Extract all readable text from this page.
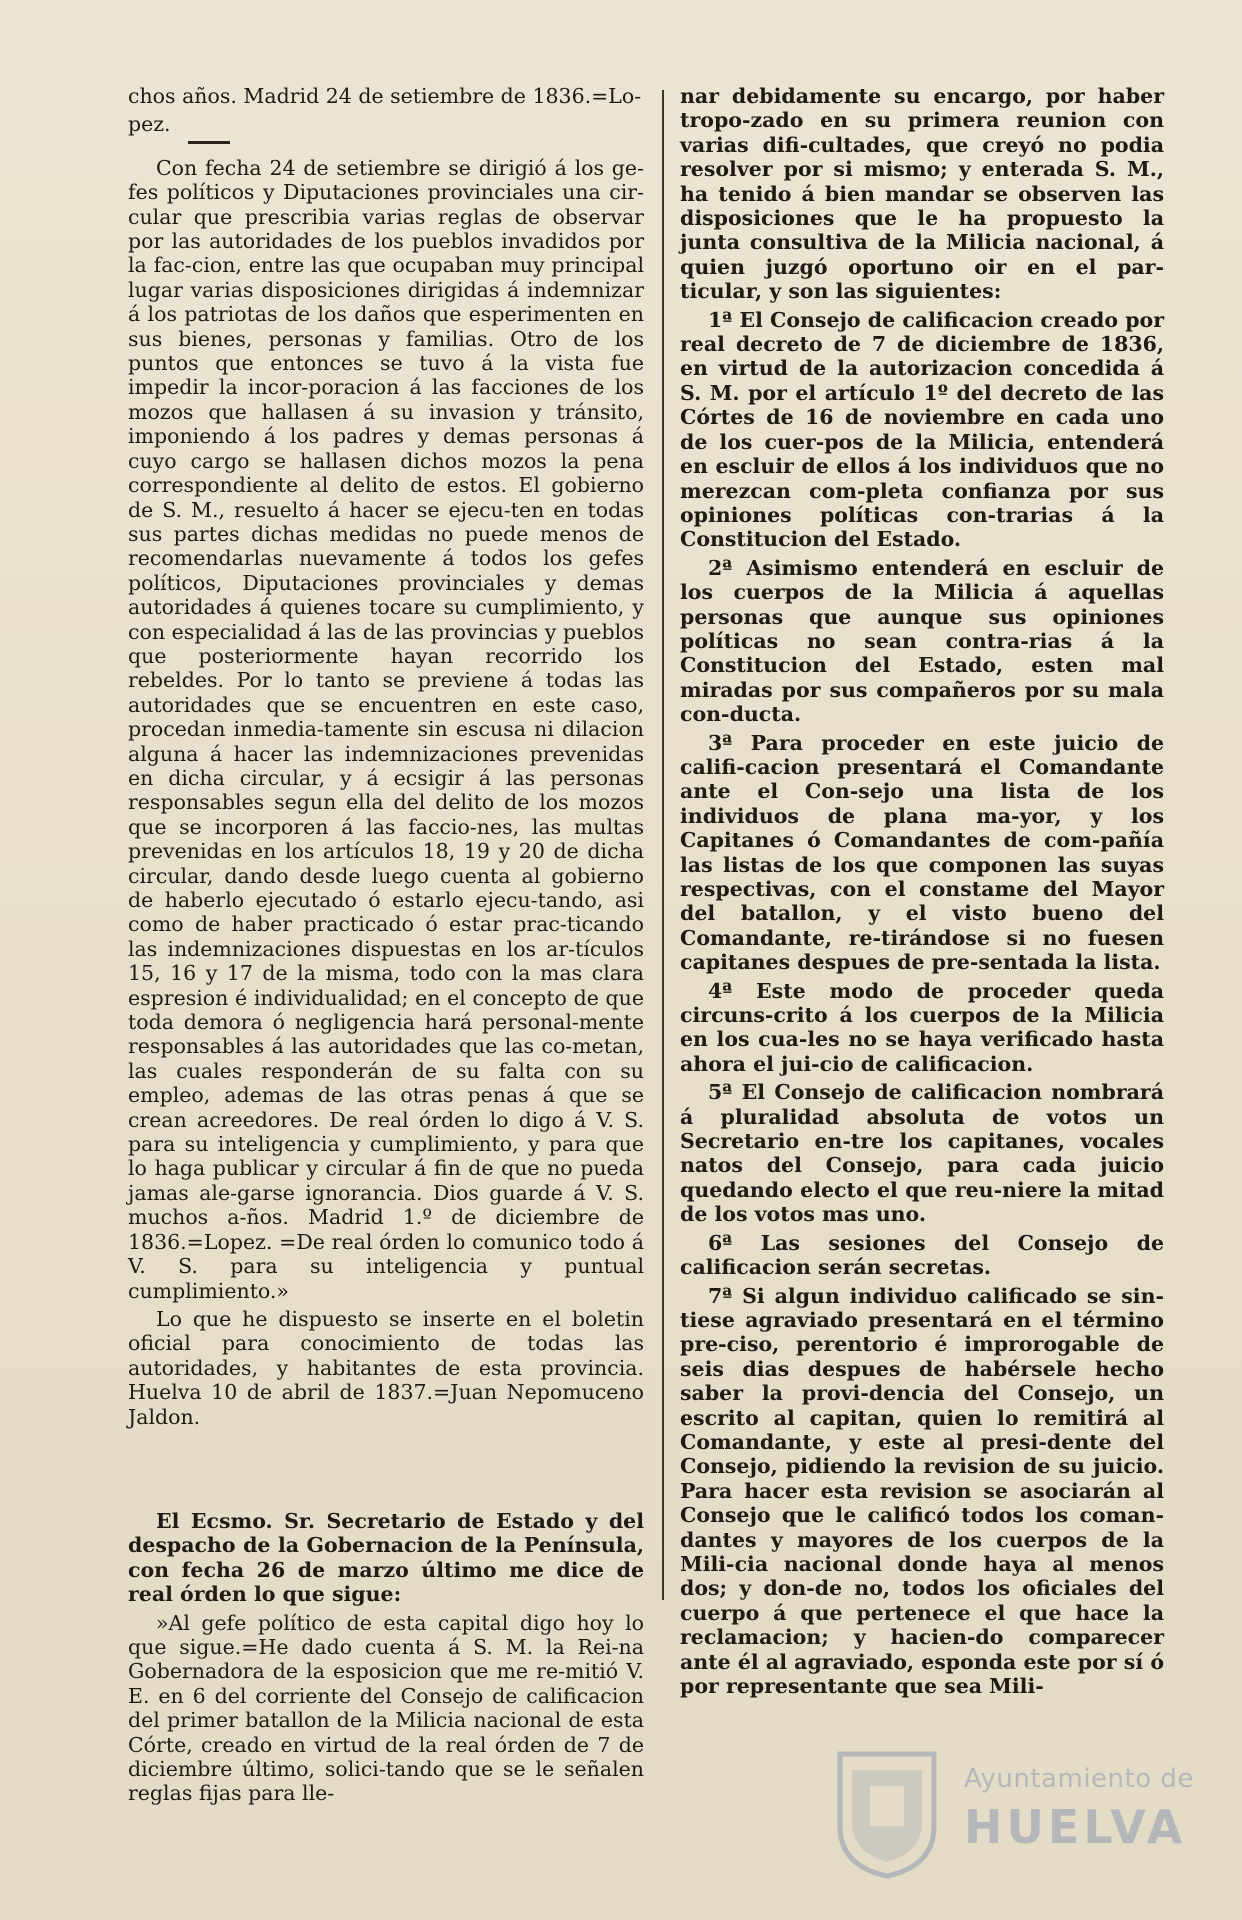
chos años. Madrid 24 de setiembre de 1836.=Lo-

pez.

Con fecha 24 de setiembre se dirigió á los ge-fes políticos y Diputaciones provinciales una cir-cular que prescribia varias reglas de observar por las autoridades de los pueblos invadidos por la fac-cion, entre las que ocupaban muy principal lugar varias disposiciones dirigidas á indemnizar á los patriotas de los daños que esperimenten en sus bienes, personas y familias. Otro de los puntos que entonces se tuvo á la vista fue impedir la incor-poracion á las facciones de los mozos que hallasen á su invasion y tránsito, imponiendo á los padres y demas personas á cuyo cargo se hallasen dichos mozos la pena correspondiente al delito de estos. El gobierno de S. M., resuelto á hacer se ejecu-ten en todas sus partes dichas medidas no puede menos de recomendarlas nuevamente á todos los gefes políticos, Diputaciones provinciales y demas autoridades á quienes tocare su cumplimiento, y con especialidad á las de las provincias y pueblos que posteriormente hayan recorrido los rebeldes. Por lo tanto se previene á todas las autoridades que se encuentren en este caso, procedan inmedia-tamente sin escusa ni dilacion alguna á hacer las indemnizaciones prevenidas en dicha circular, y á ecsigir á las personas responsables segun ella del delito de los mozos que se incorporen á las faccio-nes, las multas prevenidas en los artículos 18, 19 y 20 de dicha circular, dando desde luego cuenta al gobierno de haberlo ejecutado ó estarlo ejecu-tando, asi como de haber practicado ó estar prac-ticando las indemnizaciones dispuestas en los ar-tículos 15, 16 y 17 de la misma, todo con la mas clara espresion é individualidad; en el concepto de que toda demora ó negligencia hará personal-mente responsables á las autoridades que las co-metan, las cuales responderán de su falta con su empleo, ademas de las otras penas á que se crean acreedores. De real órden lo digo á V. S. para su inteligencia y cumplimiento, y para que lo haga publicar y circular á fin de que no pueda jamas ale-garse ignorancia. Dios guarde á V. S. muchos a-ños. Madrid 1.º de diciembre de 1836.=Lopez. =De real órden lo comunico todo á V. S. para su inteligencia y puntual cumplimiento.»

Lo que he dispuesto se inserte en el boletin oficial para conocimiento de todas las autoridades, y habitantes de esta provincia. Huelva 10 de abril de 1837.=Juan Nepomuceno Jaldon.

El Ecsmo. Sr. Secretario de Estado y del despacho de la Gobernacion de la Península, con fecha 26 de marzo último me dice de real órden lo que sigue:

»Al gefe político de esta capital digo hoy lo que sigue.=He dado cuenta á S. M. la Rei-na Gobernadora de la esposicion que me re-mitió V. E. en 6 del corriente del Consejo de calificacion del primer batallon de la Milicia nacional de esta Córte, creado en virtud de la real órden de 7 de diciembre último, solici-tando que se le señalen reglas fijas para lle-

nar debidamente su encargo, por haber tropo-zado en su primera reunion con varias difi-cultades, que creyó no podia resolver por si mismo; y enterada S. M., ha tenido á bien mandar se observen las disposiciones que le ha propuesto la junta consultiva de la Milicia nacional, á quien juzgó oportuno oir en el par-ticular, y son las siguientes:

1ª El Consejo de calificacion creado por real decreto de 7 de diciembre de 1836, en virtud de la autorizacion concedida á S. M. por el artículo 1º del decreto de las Córtes de 16 de noviembre en cada uno de los cuer-pos de la Milicia, entenderá en escluir de ellos á los individuos que no merezcan com-pleta confianza por sus opiniones políticas con-trarias á la Constitucion del Estado.

2ª Asimismo entenderá en escluir de los cuerpos de la Milicia á aquellas personas que aunque sus opiniones políticas no sean contra-rias á la Constitucion del Estado, esten mal miradas por sus compañeros por su mala con-ducta.

3ª Para proceder en este juicio de califi-cacion presentará el Comandante ante el Con-sejo una lista de los individuos de plana ma-yor, y los Capitanes ó Comandantes de com-pañía las listas de los que componen las suyas respectivas, con el constame del Mayor del batallon, y el visto bueno del Comandante, re-tirándose si no fuesen capitanes despues de pre-sentada la lista.

4ª Este modo de proceder queda circuns-crito á los cuerpos de la Milicia en los cua-les no se haya verificado hasta ahora el jui-cio de calificacion.

5ª El Consejo de calificacion nombrará á pluralidad absoluta de votos un Secretario en-tre los capitanes, vocales natos del Consejo, para cada juicio quedando electo el que reu-niere la mitad de los votos mas uno.

6ª Las sesiones del Consejo de calificacion serán secretas.

7ª Si algun individuo calificado se sin-tiese agraviado presentará en el término pre-ciso, perentorio é improrogable de seis dias despues de habérsele hecho saber la provi-dencia del Consejo, un escrito al capitan, quien lo remitirá al Comandante, y este al presi-dente del Consejo, pidiendo la revision de su juicio. Para hacer esta revision se asociarán al Consejo que le calificó todos los coman-dantes y mayores de los cuerpos de la Mili-cia nacional donde haya al menos dos; y don-de no, todos los oficiales del cuerpo á que pertenece el que hace la reclamacion; y hacien-do comparecer ante él al agraviado, esponda este por sí ó por representante que sea Mili-

Ayuntamiento de
HUELVA
